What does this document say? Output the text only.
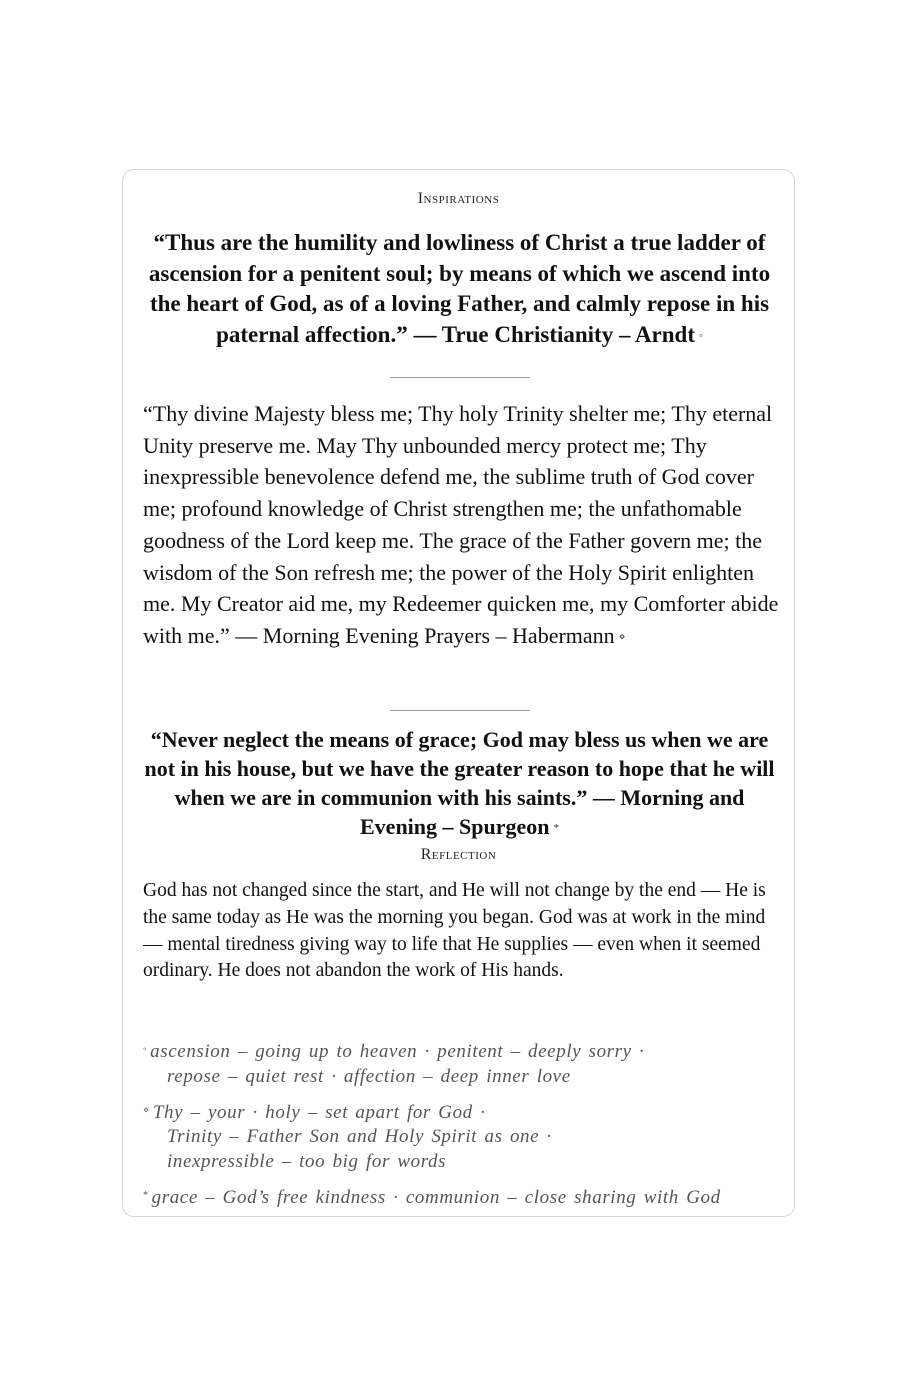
Inspirations
“Thus are the humility and lowliness of Christ a true ladder of ascension for a penitent soul; by means of which we ascend into the heart of God, as of a loving Father, and calmly repose in his paternal affection.” — True Christianity – Arndt ◦
“Thy divine Majesty bless me; Thy holy Trinity shelter me; Thy eternal Unity preserve me. May Thy unbounded mercy protect me; Thy inexpressible benevolence defend me, the sublime truth of God cover me; profound knowledge of Christ strengthen me; the unfathomable goodness of the Lord keep me. The grace of the Father govern me; the wisdom of the Son refresh me; the power of the Holy Spirit enlighten me. My Creator aid me, my Redeemer quicken me, my Comforter abide with me.” — Morning Evening Prayers – Habermann ⋄
“Never neglect the means of grace; God may bless us when we are not in his house, but we have the greater reason to hope that he will when we are in communion with his saints.” — Morning and Evening – Spurgeon *
Reflection
God has not changed since the start, and He will not change by the end — He is the same today as He was the morning you began. God was at work in the mind — mental tiredness giving way to life that He supplies — even when it seemed ordinary. He does not abandon the work of His hands.
◦ ascension – going up to heaven · penitent – deeply sorry ·
repose – quiet rest · affection – deep inner love
⋄ Thy – your · holy – set apart for God ·
Trinity – Father Son and Holy Spirit as one ·
inexpressible – too big for words
* grace – God’s free kindness · communion – close sharing with God
